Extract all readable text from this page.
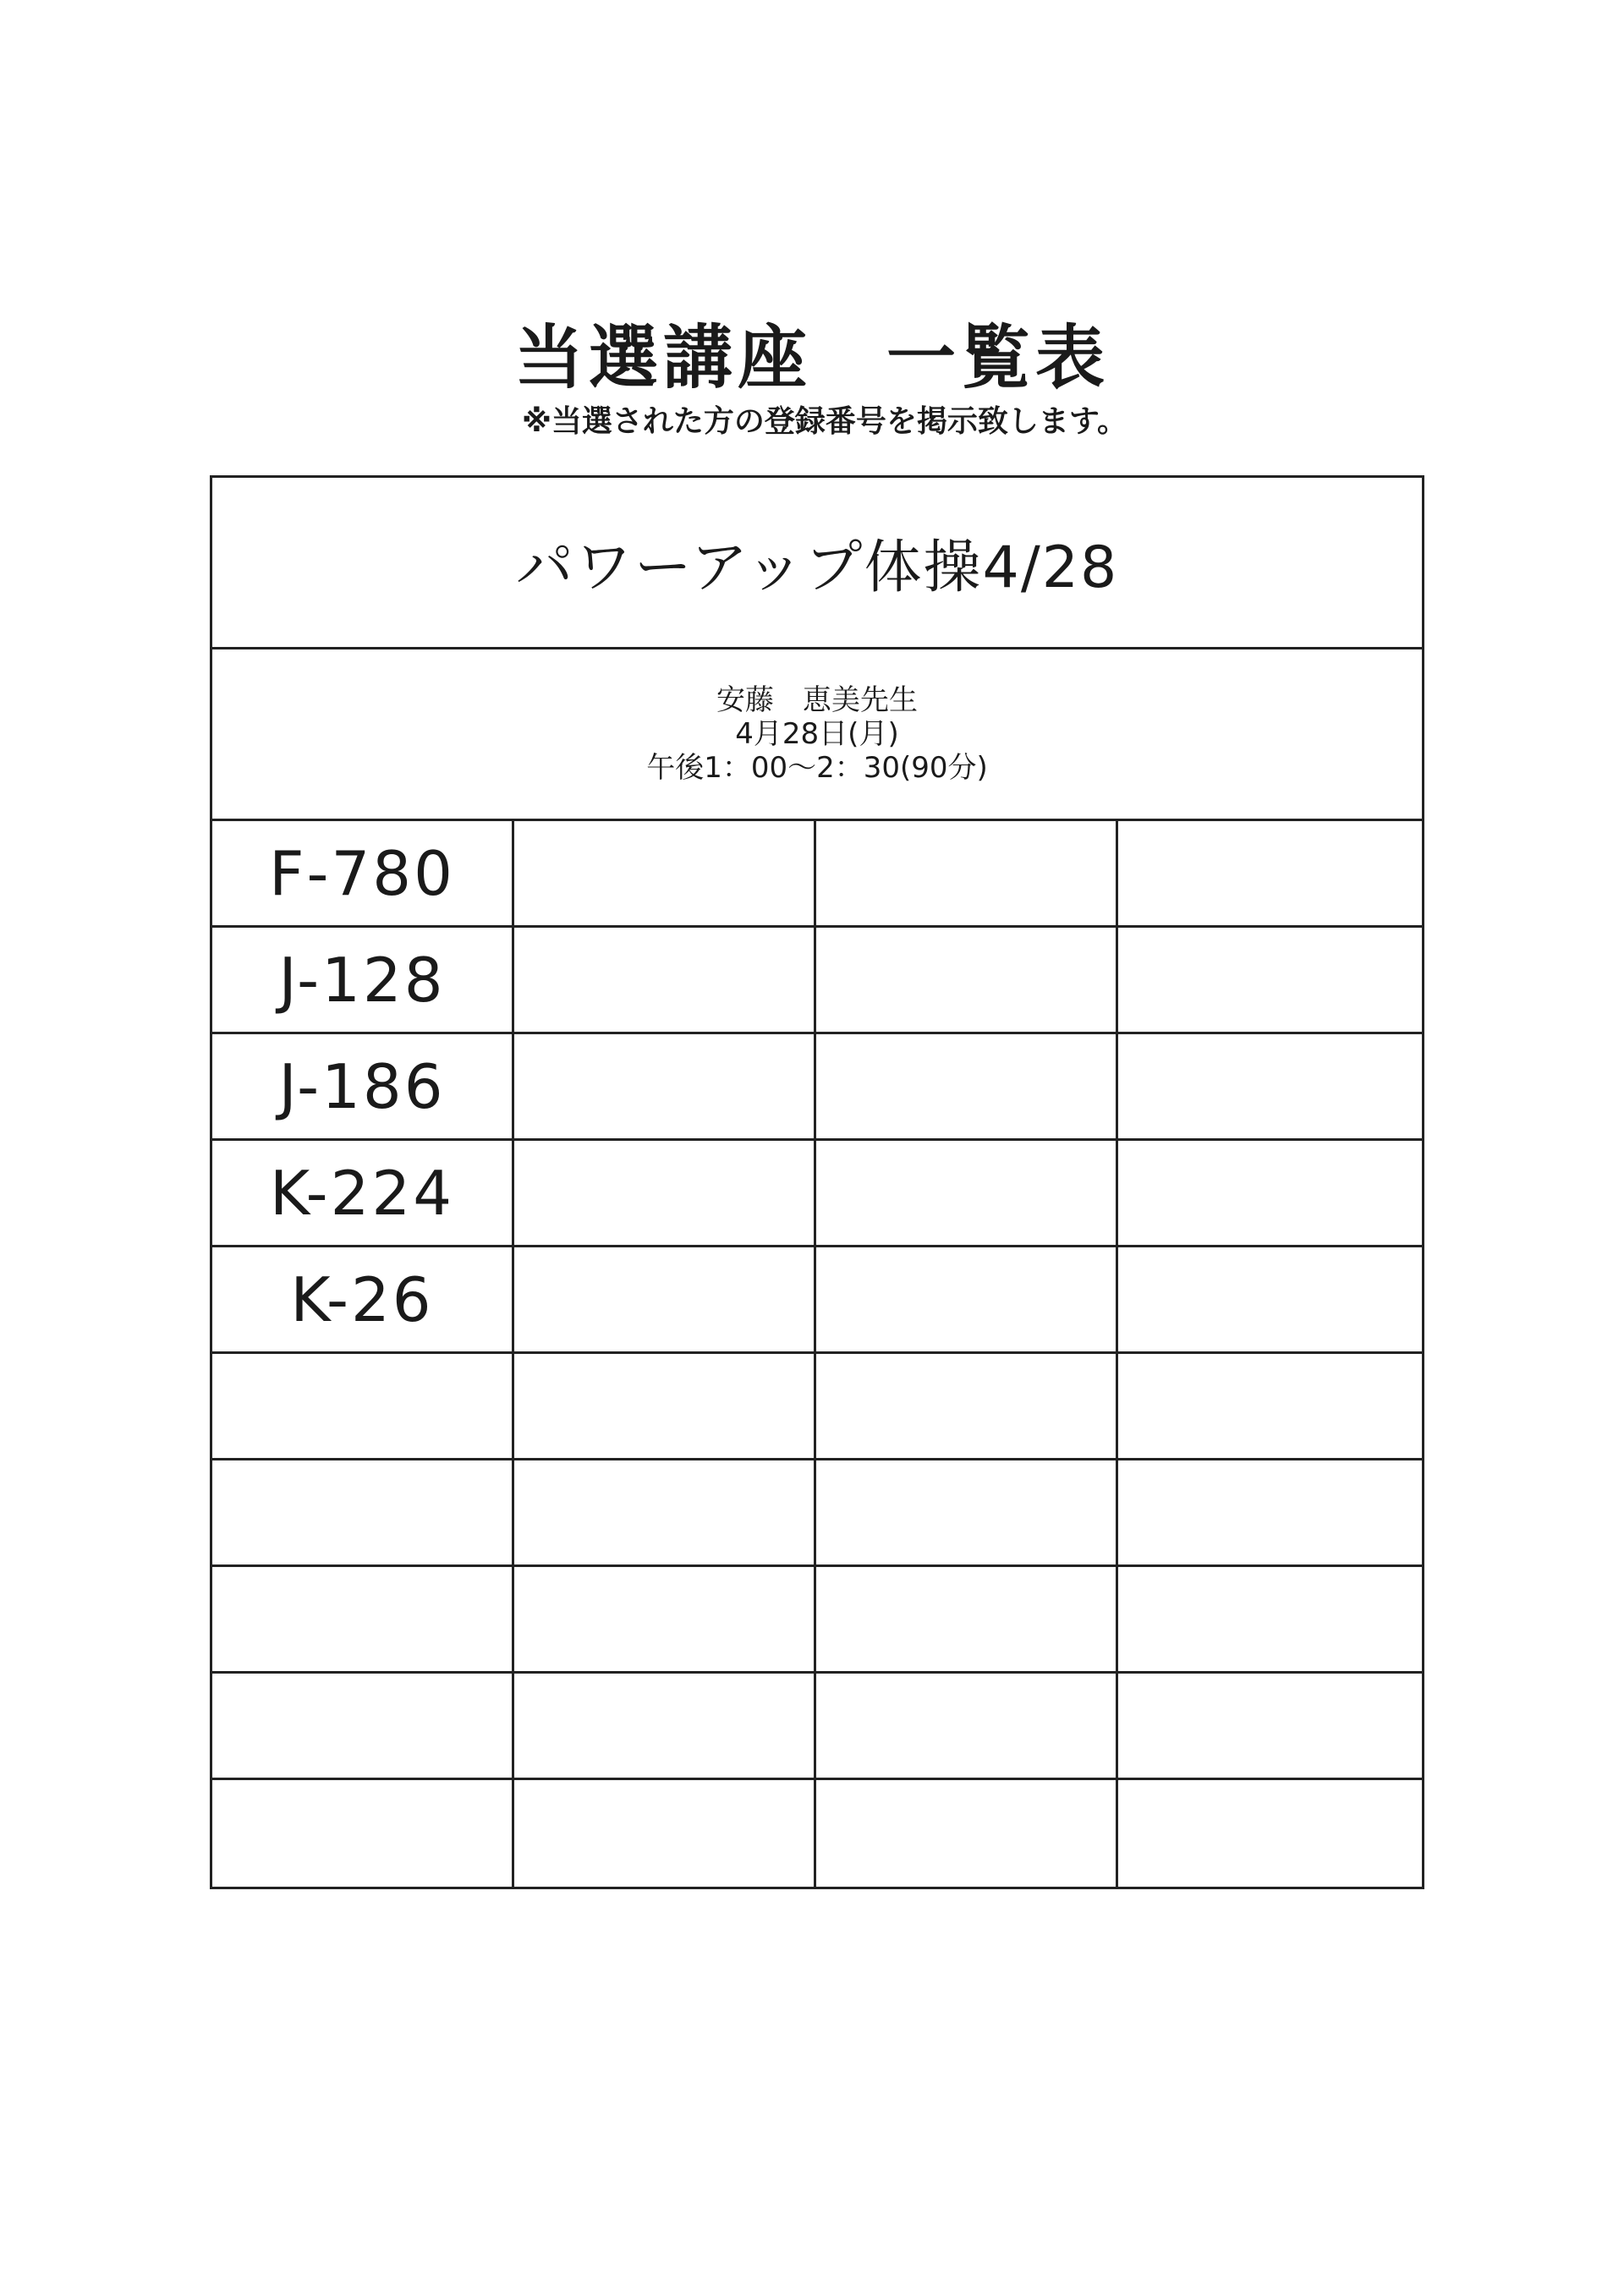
当選講座　一覧表
※当選された方の登録番号を掲示致します。
パワーアップ体操4/28
安藤　恵美先生
4月28日(月)
午後1：00～2：30(90分)
F-780
J-128
J-186
K-224
K-26
